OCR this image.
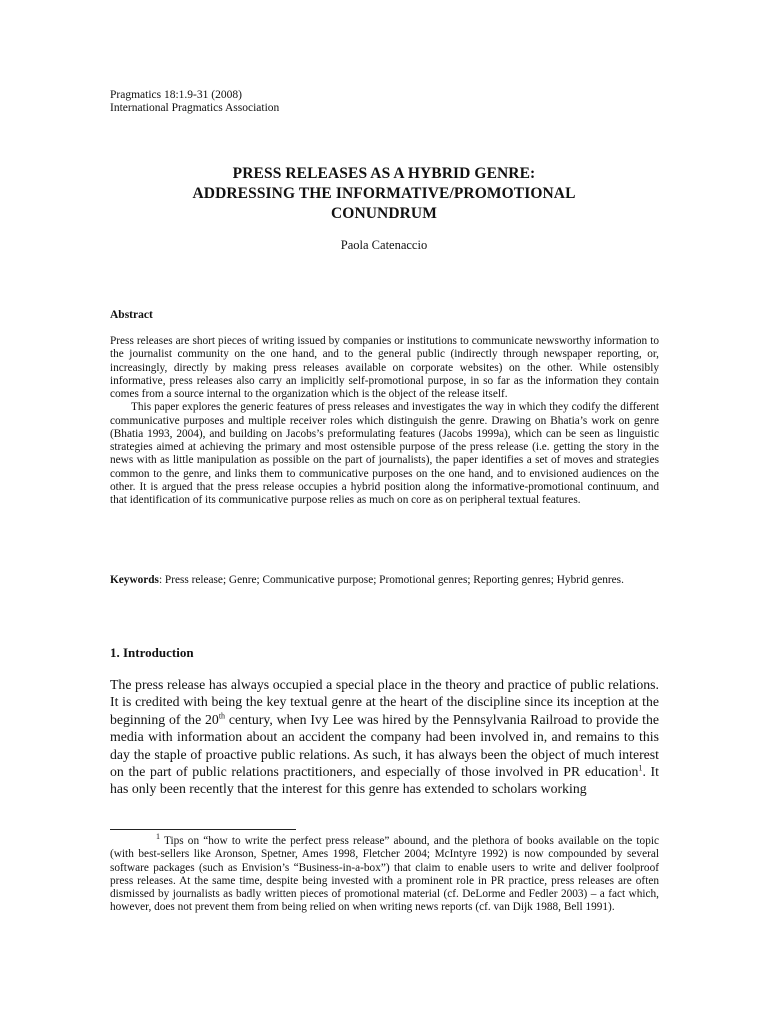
Pragmatics 18:1.9-31 (2008)
International Pragmatics Association
PRESS RELEASES AS A HYBRID GENRE:
ADDRESSING THE INFORMATIVE/PROMOTIONAL
CONUNDRUM
Paola Catenaccio
Abstract

Press releases are short pieces of writing issued by companies or institutions to communicate newsworthy information to the journalist community on the one hand, and to the general public (indirectly through newspaper reporting, or, increasingly, directly by making press releases available on corporate websites) on the other. While ostensibly informative, press releases also carry an implicitly self-promotional purpose, in so far as the information they contain comes from a source internal to the organization which is the object of the release itself.

This paper explores the generic features of press releases and investigates the way in which they codify the different communicative purposes and multiple receiver roles which distinguish the genre. Drawing on Bhatia’s work on genre (Bhatia 1993, 2004), and building on Jacobs’s preformulating features (Jacobs 1999a), which can be seen as linguistic strategies aimed at achieving the primary and most ostensible purpose of the press release (i.e. getting the story in the news with as little manipulation as possible on the part of journalists), the paper identifies a set of moves and strategies common to the genre, and links them to communicative purposes on the one hand, and to envisioned audiences on the other. It is argued that the press release occupies a hybrid position along the informative-promotional continuum, and that identification of its communicative purpose relies as much on core as on peripheral textual features.

Keywords: Press release; Genre; Communicative purpose; Promotional genres; Reporting genres; Hybrid genres.
1. Introduction

The press release has always occupied a special place in the theory and practice of public relations. It is credited with being the key textual genre at the heart of the discipline since its inception at the beginning of the 20th century, when Ivy Lee was hired by the Pennsylvania Railroad to provide the media with information about an accident the company had been involved in, and remains to this day the staple of proactive public relations. As such, it has always been the object of much interest on the part of public relations practitioners, and especially of those involved in PR education$^1$. It has only been recently that the interest for this genre has extended to scholars working

$^1$ Tips on “how to write the perfect press release” abound, and the plethora of books available on the topic (with best-sellers like Aronson, Spetner, Ames 1998, Fletcher 2004; McIntyre 1992) is now compounded by several software packages (such as Envision’s “Business-in-a-box”) that claim to enable users to write and deliver foolproof press releases. At the same time, despite being invested with a prominent role in PR practice, press releases are often dismissed by journalists as badly written pieces of promotional material (cf. DeLorme and Fedler 2003) – a fact which, however, does not prevent them from being relied on when writing news reports (cf. van Dijk 1988, Bell 1991).
